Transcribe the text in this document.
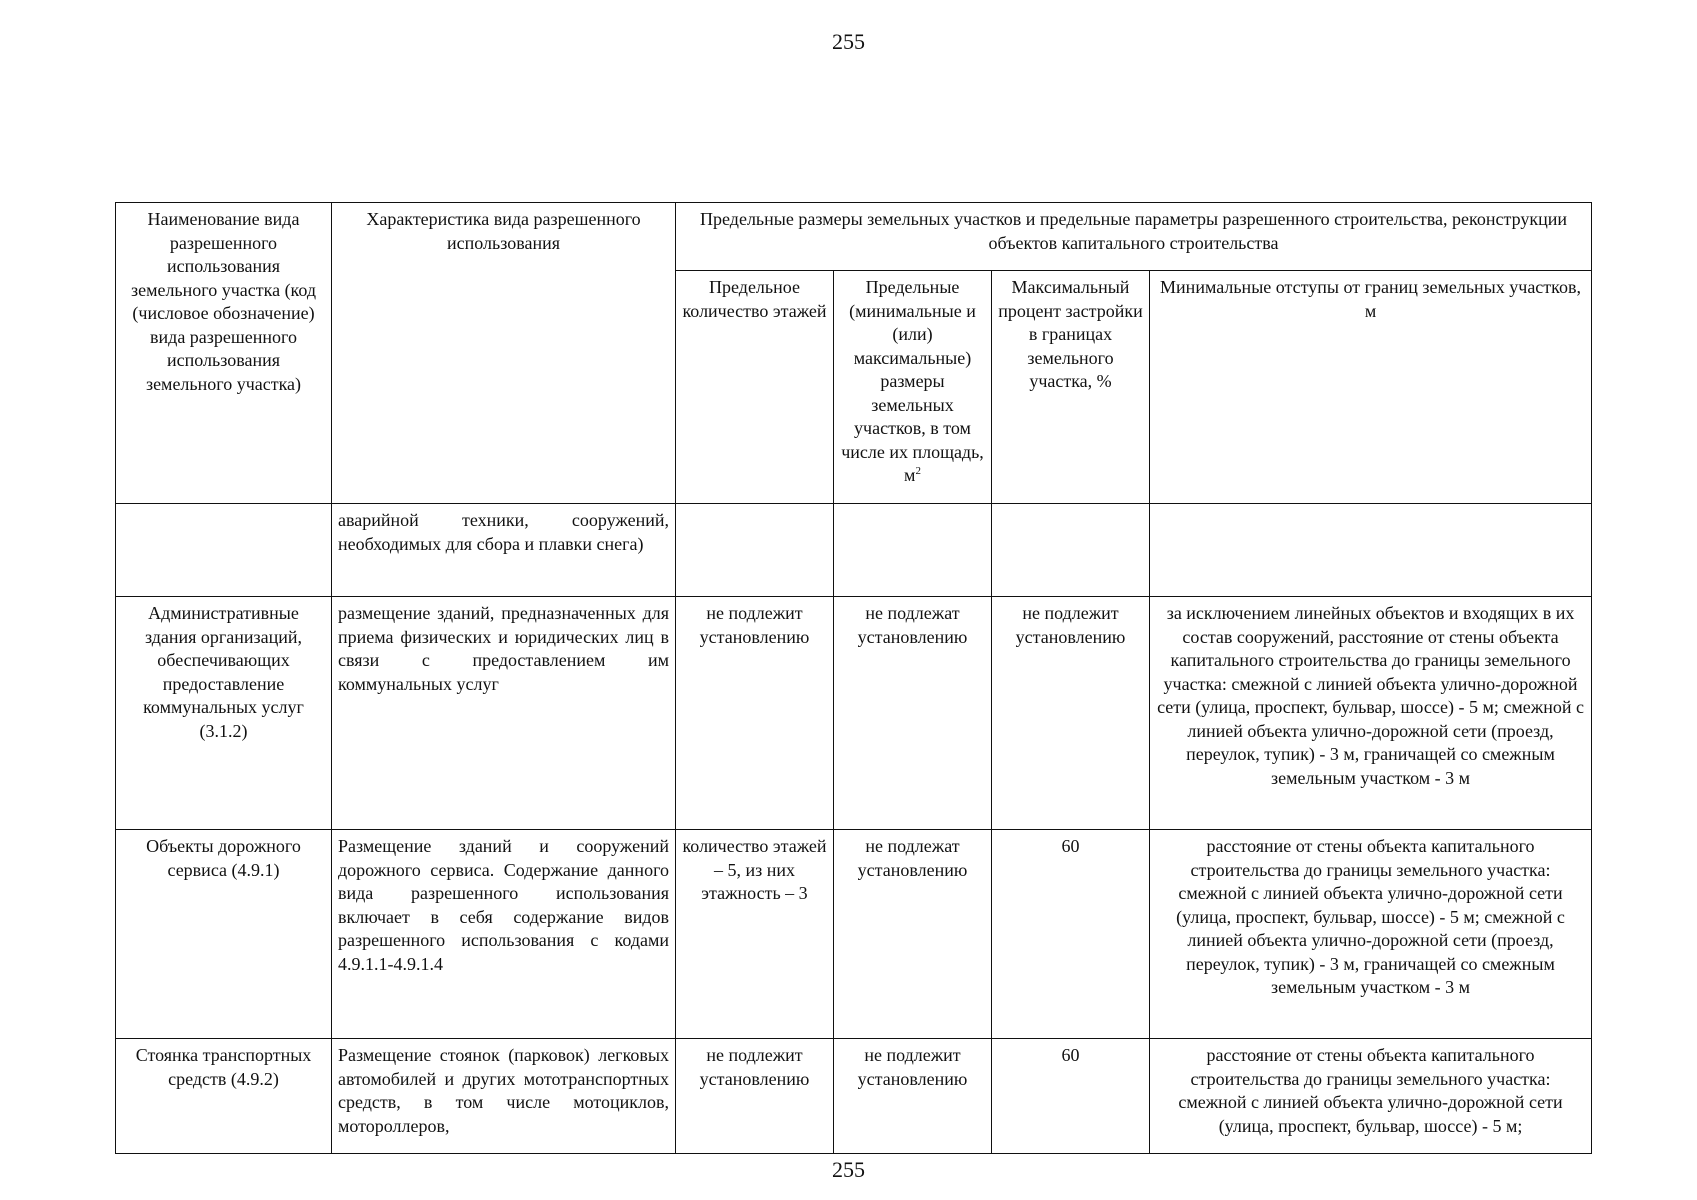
255
Наименование вида разрешенного использования земельного участка (код (числовое обозначение) вида разрешенного использования земельного участка)	Характеристика вида разрешенного использования	Предельные размеры земельных участков и предельные параметры разрешенного строительства, реконструкции объектов капитального строительства			
		Предельное количество этажей	Предельные (минимальные и (или) максимальные) размеры земельных участков, в том числе их площадь, $м^2$	Максимальный процент застройки в границах земельного участка, %	Минимальные отступы от границ земельных участков, м
	аварийной техники, сооружений, необходимых для сбора и плавки снега)				
Административные здания организаций, обеспечивающих предоставление коммунальных услуг (3.1.2)	размещение зданий, предназначенных для приема физических и юридических лиц в связи с предоставлением им коммунальных услуг	не подлежит установлению	не подлежат установлению	не подлежит установлению	за исключением линейных объектов и входящих в их состав сооружений, расстояние от стены объекта капитального строительства до границы земельного участка: смежной с линией объекта улично-дорожной сети (улица, проспект, бульвар, шоссе) - 5 м; смежной с линией объекта улично-дорожной сети (проезд, переулок, тупик) - 3 м, граничащей со смежным земельным участком - 3 м
Объекты дорожного сервиса (4.9.1)	Размещение зданий и сооружений дорожного сервиса. Содержание данного вида разрешенного использования включает в себя содержание видов разрешенного использования с кодами 4.9.1.1-4.9.1.4	количество этажей – 5, из них этажность – 3	не подлежат установлению	60	расстояние от стены объекта капитального строительства до границы земельного участка: смежной с линией объекта улично-дорожной сети (улица, проспект, бульвар, шоссе) - 5 м; смежной с линией объекта улично-дорожной сети (проезд, переулок, тупик) - 3 м, граничащей со смежным земельным участком - 3 м
Стоянка транспортных средств (4.9.2)	Размещение стоянок (парковок) легковых автомобилей и других мототранспортных средств, в том числе мотоциклов, мотороллеров,	не подлежит установлению	не подлежит установлению	60	расстояние от стены объекта капитального строительства до границы земельного участка: смежной с линией объекта улично-дорожной сети (улица, проспект, бульвар, шоссе) - 5 м;
255
